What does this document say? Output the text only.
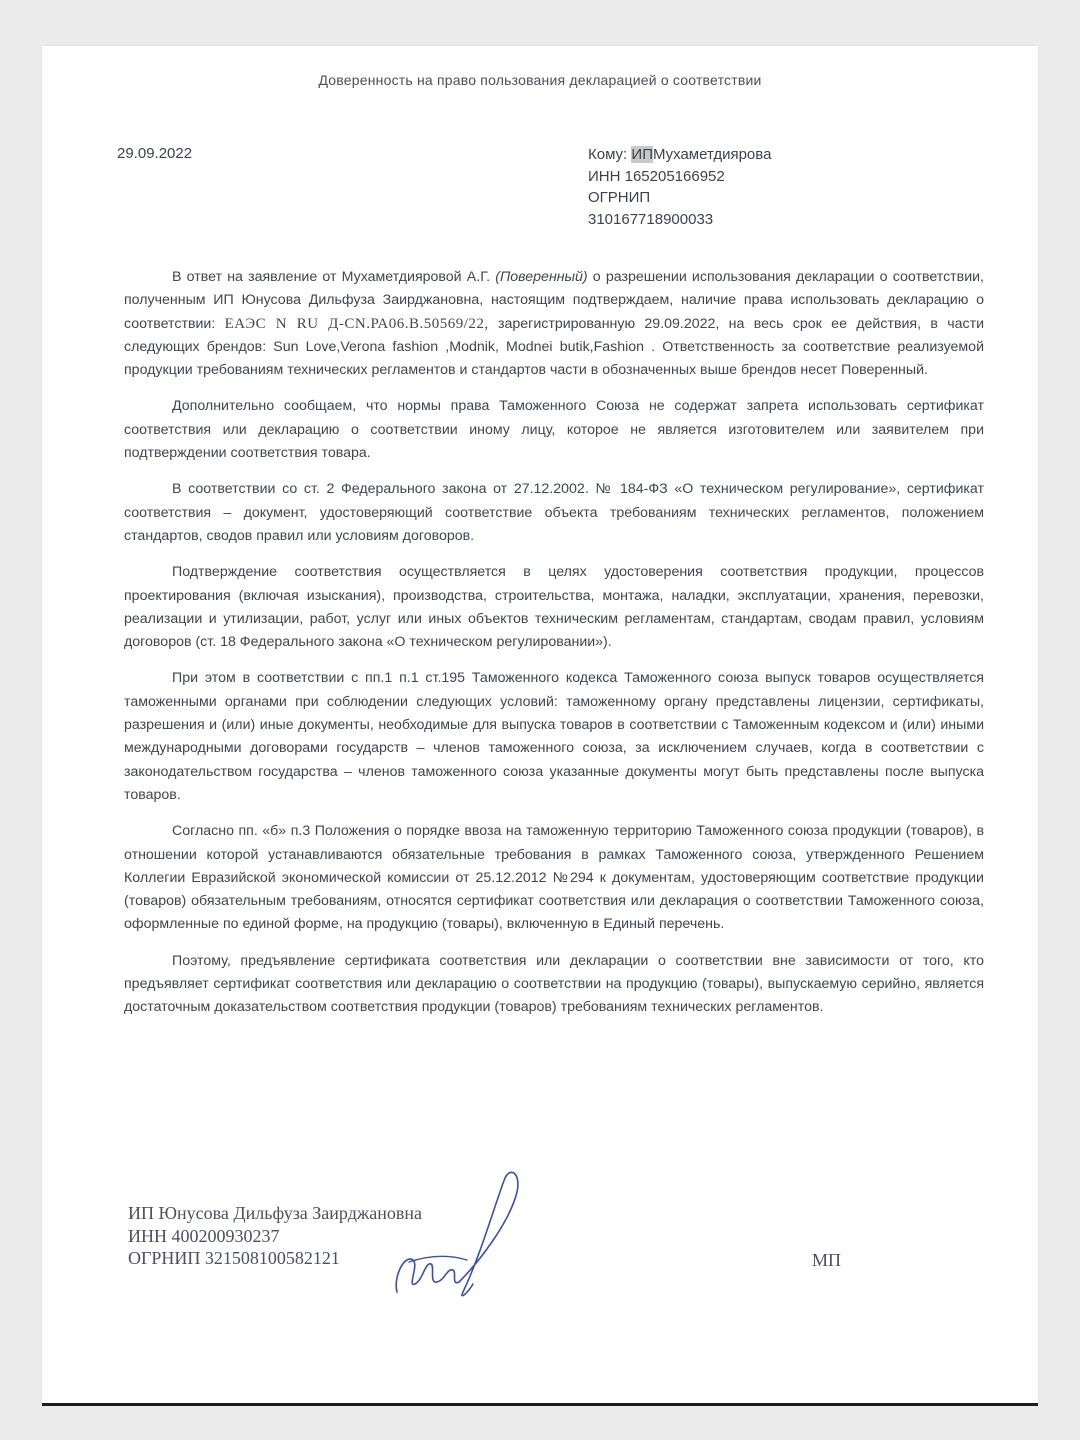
Доверенность на право пользования декларацией о соответствии
29.09.2022	Кому: ИПМухаметдиярова
ИНН 165205166952
ОГРНИП
310167718900033

В ответ на заявление от Мухаметдияровой А.Г. (Поверенный) о разрешении использования декларации о соответствии, полученным ИП Юнусова Дильфуза Заирджановна, настоящим подтверждаем, наличие права использовать декларацию о соответствии: ЕАЭС N RU Д-CN.РА06.В.50569/22, зарегистрированную 29.09.2022, на весь срок ее действия, в части следующих брендов: Sun Love,Verona fashion ,Modnik, Modnei butik,Fashion . Ответственность за соответствие реализуемой продукции требованиям технических регламентов и стандартов части в обозначенных выше брендов несет Поверенный.

Дополнительно сообщаем, что нормы права Таможенного Союза не содержат запрета использовать сертификат соответствия или декларацию о соответствии иному лицу, которое не является изготовителем или заявителем при подтверждении соответствия товара.

В соответствии со ст. 2 Федерального закона от 27.12.2002. № 184-ФЗ «О техническом регулирование», сертификат соответствия – документ, удостоверяющий соответствие объекта требованиям технических регламентов, положением стандартов, сводов правил или условиям договоров.

Подтверждение соответствия осуществляется в целях удостоверения соответствия продукции, процессов проектирования (включая изыскания), производства, строительства, монтажа, наладки, эксплуатации, хранения, перевозки, реализации и утилизации, работ, услуг или иных объектов техническим регламентам, стандартам, сводам правил, условиям договоров (ст. 18 Федерального закона «О техническом регулировании»).

При этом в соответствии с пп.1 п.1 ст.195 Таможенного кодекса Таможенного союза выпуск товаров осуществляется таможенными органами при соблюдении следующих условий: таможенному органу представлены лицензии, сертификаты, разрешения и (или) иные документы, необходимые для выпуска товаров в соответствии с Таможенным кодексом и (или) иными международными договорами государств – членов таможенного союза, за исключением случаев, когда в соответствии с законодательством государства – членов таможенного союза указанные документы могут быть представлены после выпуска товаров.

Согласно пп. «б» п.3 Положения о порядке ввоза на таможенную территорию Таможенного союза продукции (товаров), в отношении которой устанавливаются обязательные требования в рамках Таможенного союза, утвержденного Решением Коллегии Евразийской экономической комиссии от 25.12.2012 №294 к документам, удостоверяющим соответствие продукции (товаров) обязательным требованиям, относятся сертификат соответствия или декларация о соответствии Таможенного союза, оформленные по единой форме, на продукцию (товары), включенную в Единый перечень.

Поэтому, предъявление сертификата соответствия или декларации о соответствии вне зависимости от того, кто предъявляет сертификат соответствия или декларацию о соответствии на продукцию (товары), выпускаемую серийно, является достаточным доказательством соответствия продукции (товаров) требованиям технических регламентов.

ИП Юнусова Дильфуза Заирджановна
ИНН 400200930237
ОГРНИП 321508100582121	МП
